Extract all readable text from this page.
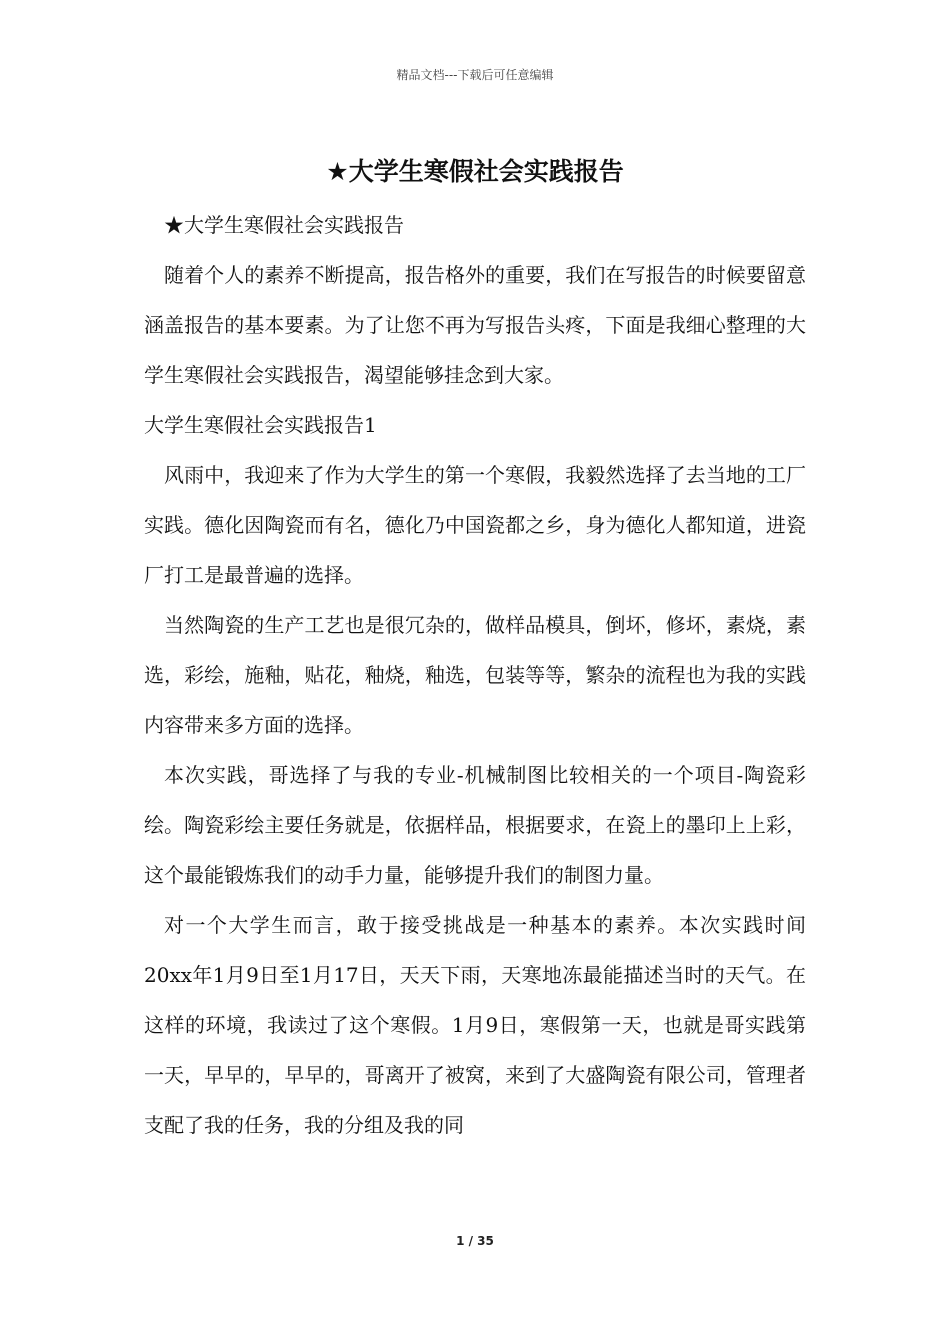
精品文档---下载后可任意编辑
★大学生寒假社会实践报告

★大学生寒假社会实践报告

随着个人的素养不断提高，报告格外的重要，我们在写报告的时候要留意涵盖报告的基本要素。为了让您不再为写报告头疼，下面是我细心整理的大学生寒假社会实践报告，渴望能够挂念到大家。

大学生寒假社会实践报告1

风雨中，我迎来了作为大学生的第一个寒假，我毅然选择了去当地的工厂实践。德化因陶瓷而有名，德化乃中国瓷都之乡，身为德化人都知道，进瓷厂打工是最普遍的选择。

当然陶瓷的生产工艺也是很冗杂的，做样品模具，倒坏，修坏，素烧，素选，彩绘，施釉，贴花，釉烧，釉选，包装等等，繁杂的流程也为我的实践内容带来多方面的选择。

本次实践，哥选择了与我的专业-机械制图比较相关的一个项目-陶瓷彩绘。陶瓷彩绘主要任务就是，依据样品，根据要求，在瓷上的墨印上上彩，这个最能锻炼我们的动手力量，能够提升我们的制图力量。

对一个大学生而言，敢于接受挑战是一种基本的素养。本次实践时间20xx年1月9日至1月17日，天天下雨，天寒地冻最能描述当时的天气。在这样的环境，我读过了这个寒假。1月9日，寒假第一天，也就是哥实践第一天，早早的，早早的，哥离开了被窝，来到了大盛陶瓷有限公司，管理者支配了我的任务，我的分组及我的同

1 / 35
